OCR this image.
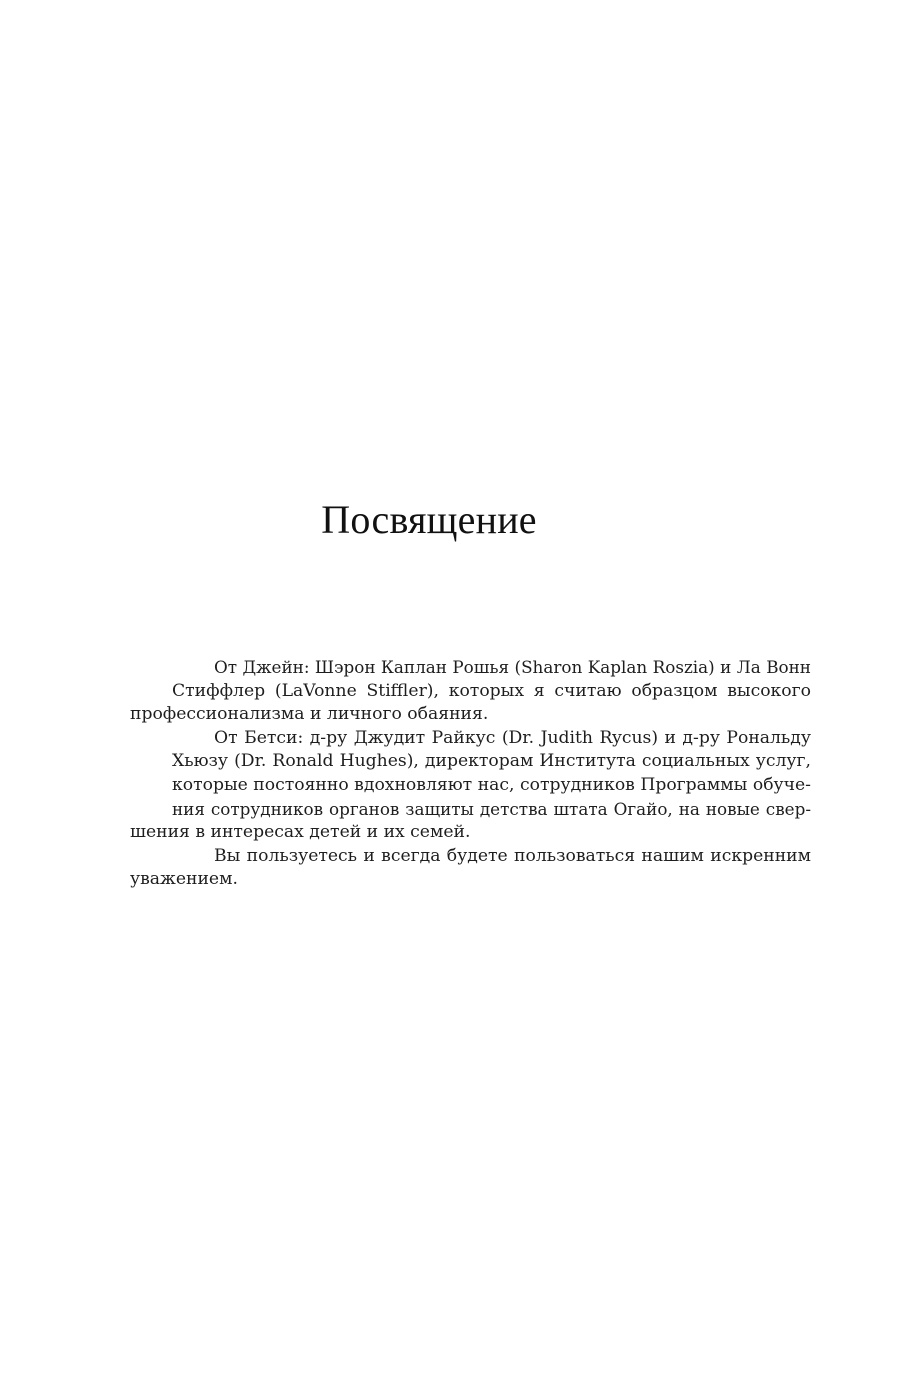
Посвящение
От Джейн: Шэрон Каплан Рошья (Sharon Kaplan Roszia) и Ла Вонн
Стиффлер (LaVonne Stiffler), которых я считаю образцом высокого
профессионализма и личного обаяния.
От Бетси: д-ру Джудит Райкус (Dr. Judith Rycus) и д-ру Рональду
Хьюзу (Dr. Ronald Hughes), директорам Института социальных услуг,
которые постоянно вдохновляют нас, сотрудников Программы обуче-
ния сотрудников органов защиты детства штата Огайо, на новые свер-
шения в интересах детей и их семей.
Вы пользуетесь и всегда будете пользоваться нашим искренним
уважением.
